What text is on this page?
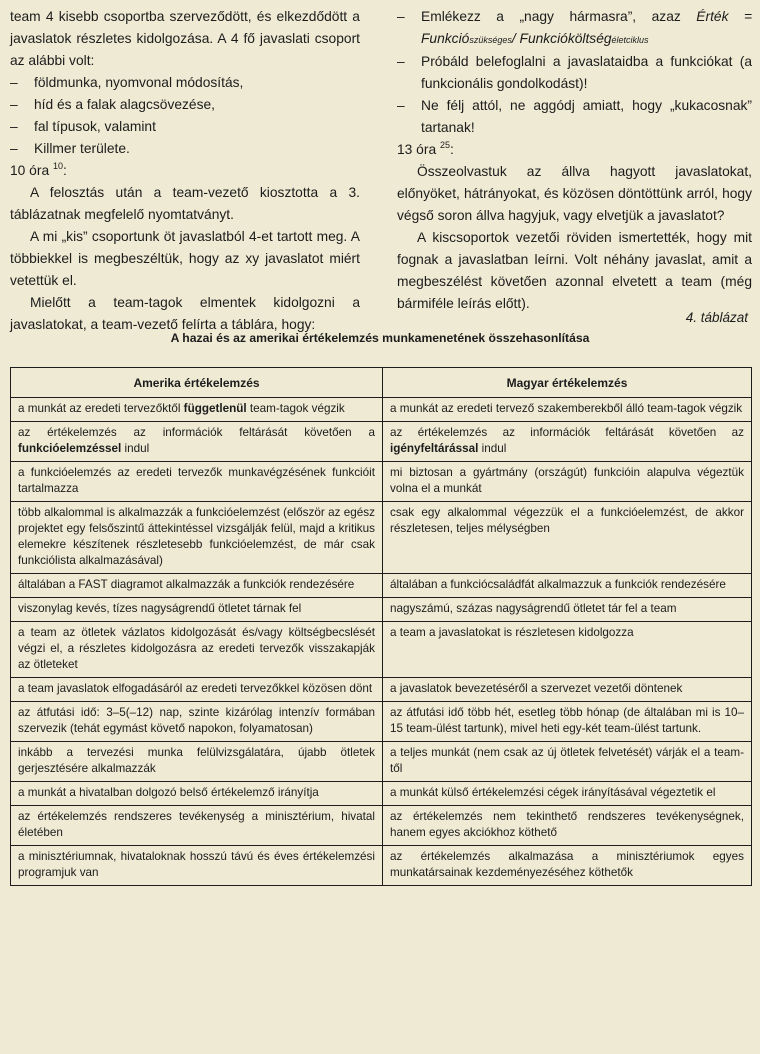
team 4 kisebb csoportba szerveződött, és elkezdődött a javaslatok részletes kidolgozása. A 4 fő javaslati csoport az alábbi volt:

–	földmunka, nyomvonal módosítás,
–	híd és a falak alagcsövezése,
–	fal típusok, valamint
–	Killmer területe.

10 óra $^{10}$:

A felosztás után a team-vezető kiosztotta a 3. táblázatnak megfelelő nyomtatványt.

A mi „kis” csoportunk öt javaslatból 4-et tartott meg. A többiekkel is megbeszéltük, hogy az xy javaslatot miért vetettük el.

Mielőtt a team-tagok elmentek kidolgozni a javaslatokat, a team-vezető felírta a táblára, hogy:

–	Emlékezz a „nagy hármasra”, azaz Érték = Funkciószükséges/ Funkcióköltségéletciklus
–	Próbáld belefoglalni a javaslataidba a funkciókat (a funkcionális gondolkodást)!
–	Ne félj attól, ne aggódj amiatt, hogy „kukacosnak” tartanak!

13 óra $^{25}$:

Összeolvastuk az állva hagyott javaslatokat, előnyöket, hátrányokat, és közösen döntöttünk arról, hogy végső soron állva hagyjuk, vagy elvetjük a javaslatot?

A kiscsoportok vezetői röviden ismertették, hogy mit fognak a javaslatban leírni. Volt néhány javaslat, amit a megbeszélést követően azonnal elvetett a team (még bármiféle leírás előtt).

4. táblázat
A hazai és az amerikai értékelemzés munkamenetének összehasonlítása
Amerika értékelemzés	Magyar értékelemzés
a munkát az eredeti tervezőktől függetlenül team-tagok végzik	a munkát az eredeti tervező szakemberekből álló team-tagok végzik
az értékelemzés az információk feltárását követően a funkcióelemzéssel indul	az értékelemzés az információk feltárását követően az igényfeltárással indul
a funkcióelemzés az eredeti tervezők munkavégzésének funkcióit tartalmazza	mi biztosan a gyártmány (országút) funkcióin alapulva végeztük volna el a munkát
több alkalommal is alkalmazzák a funkcióelemzést (először az egész projektet egy felsőszintű áttekintéssel vizsgálják felül, majd a kritikus elemekre készítenek részletesebb funkcióelemzést, de már csak funkciólista alkalmazásával)	csak egy alkalommal végezzük el a funkcióelemzést, de akkor részletesen, teljes mélységben
általában a FAST diagramot alkalmazzák a funkciók rendezésére	általában a funkciócsaládfát alkalmazzuk a funkciók rendezésére
viszonylag kevés, tízes nagyságrendű ötletet tárnak fel	nagyszámú, százas nagyságrendű ötletet tár fel a team
a team az ötletek vázlatos kidolgozását és/vagy költségbecslését végzi el, a részletes kidolgozásra az eredeti tervezők visszakapják az ötleteket	a team a javaslatokat is részletesen kidolgozza
a team javaslatok elfogadásáról az eredeti tervezőkkel közösen dönt	a javaslatok bevezetéséről a szervezet vezetői döntenek
az átfutási idő: 3–5(–12) nap, szinte kizárólag intenzív formában szervezik (tehát egymást követő napokon, folyamatosan)	az átfutási idő több hét, esetleg több hónap (de általában mi is 10–15 team-ülést tartunk), mivel heti egy-két team-ülést tartunk.
inkább a tervezési munka felülvizsgálatára, újabb ötletek gerjesztésére alkalmazzák	a teljes munkát (nem csak az új ötletek felvetését) várják el a team-től
a munkát a hivatalban dolgozó belső értékelemző irányítja	a munkát külső értékelemzési cégek irányításával végeztetik el
az értékelemzés rendszeres tevékenység a minisztérium, hivatal életében	az értékelemzés nem tekinthető rendszeres tevékenységnek, hanem egyes akciókhoz köthető
a minisztériumnak, hivataloknak hosszú távú és éves értékelemzési programjuk van	az értékelemzés alkalmazása a minisztériumok egyes munkatársainak kezdeményezéséhez köthetők
